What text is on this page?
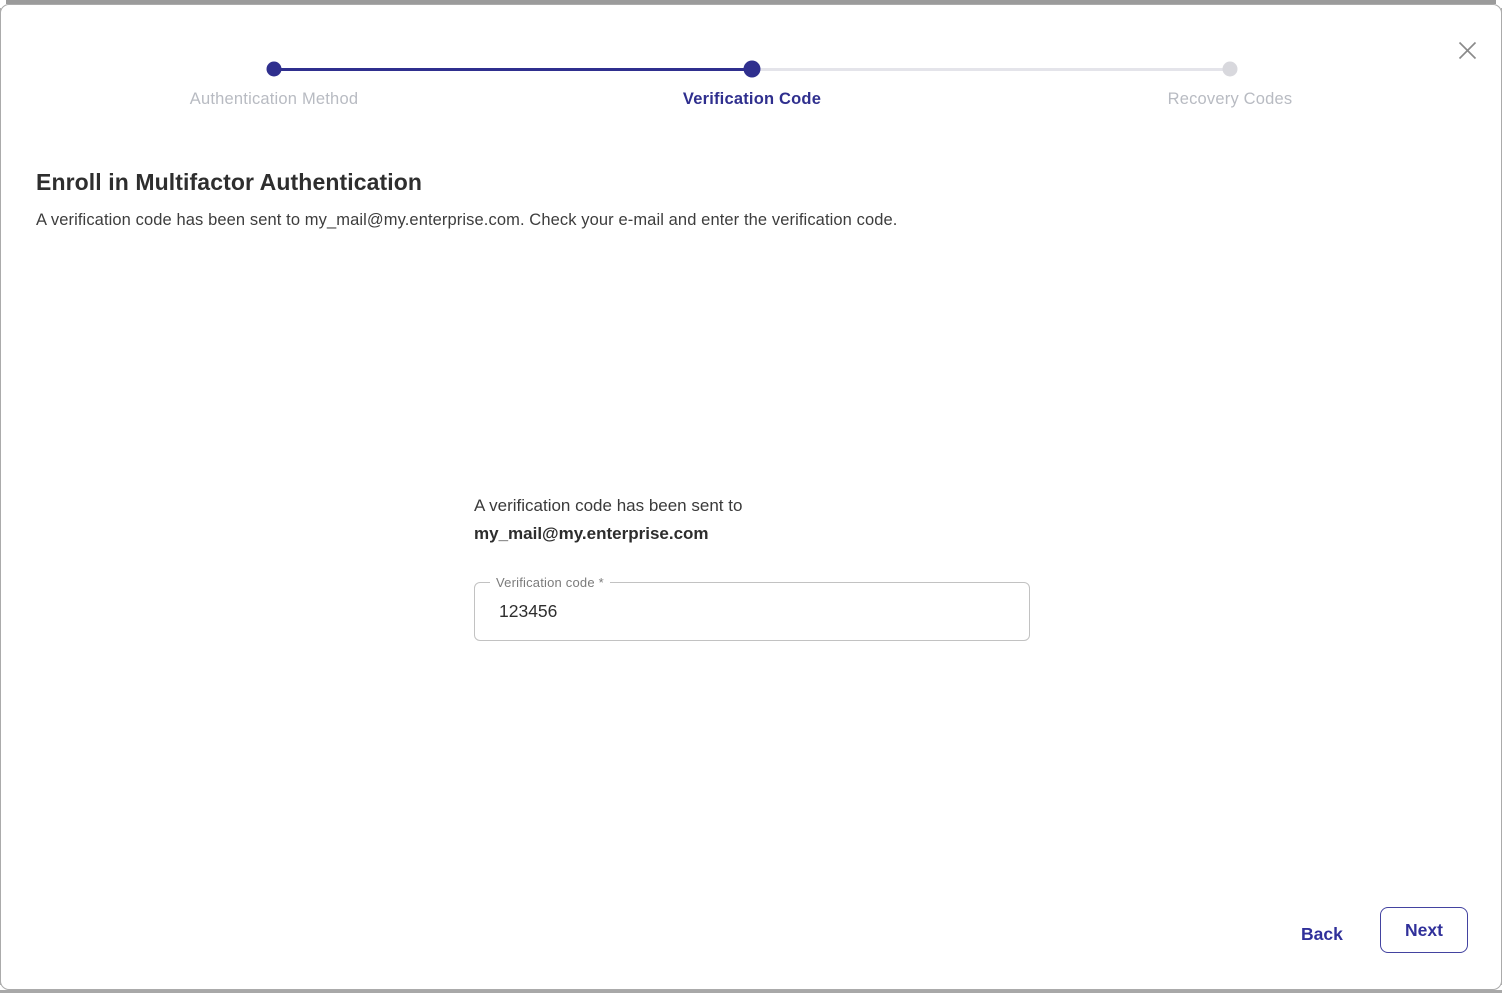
Authentication Method	Verification Code	Recovery Codes
Enroll in Multifactor Authentication

A verification code has been sent to my_mail@my.enterprise.com. Check your e-mail and enter the verification code.

A verification code has been sent to
my_mail@my.enterprise.com
Verification code *
123456
Back	Next
